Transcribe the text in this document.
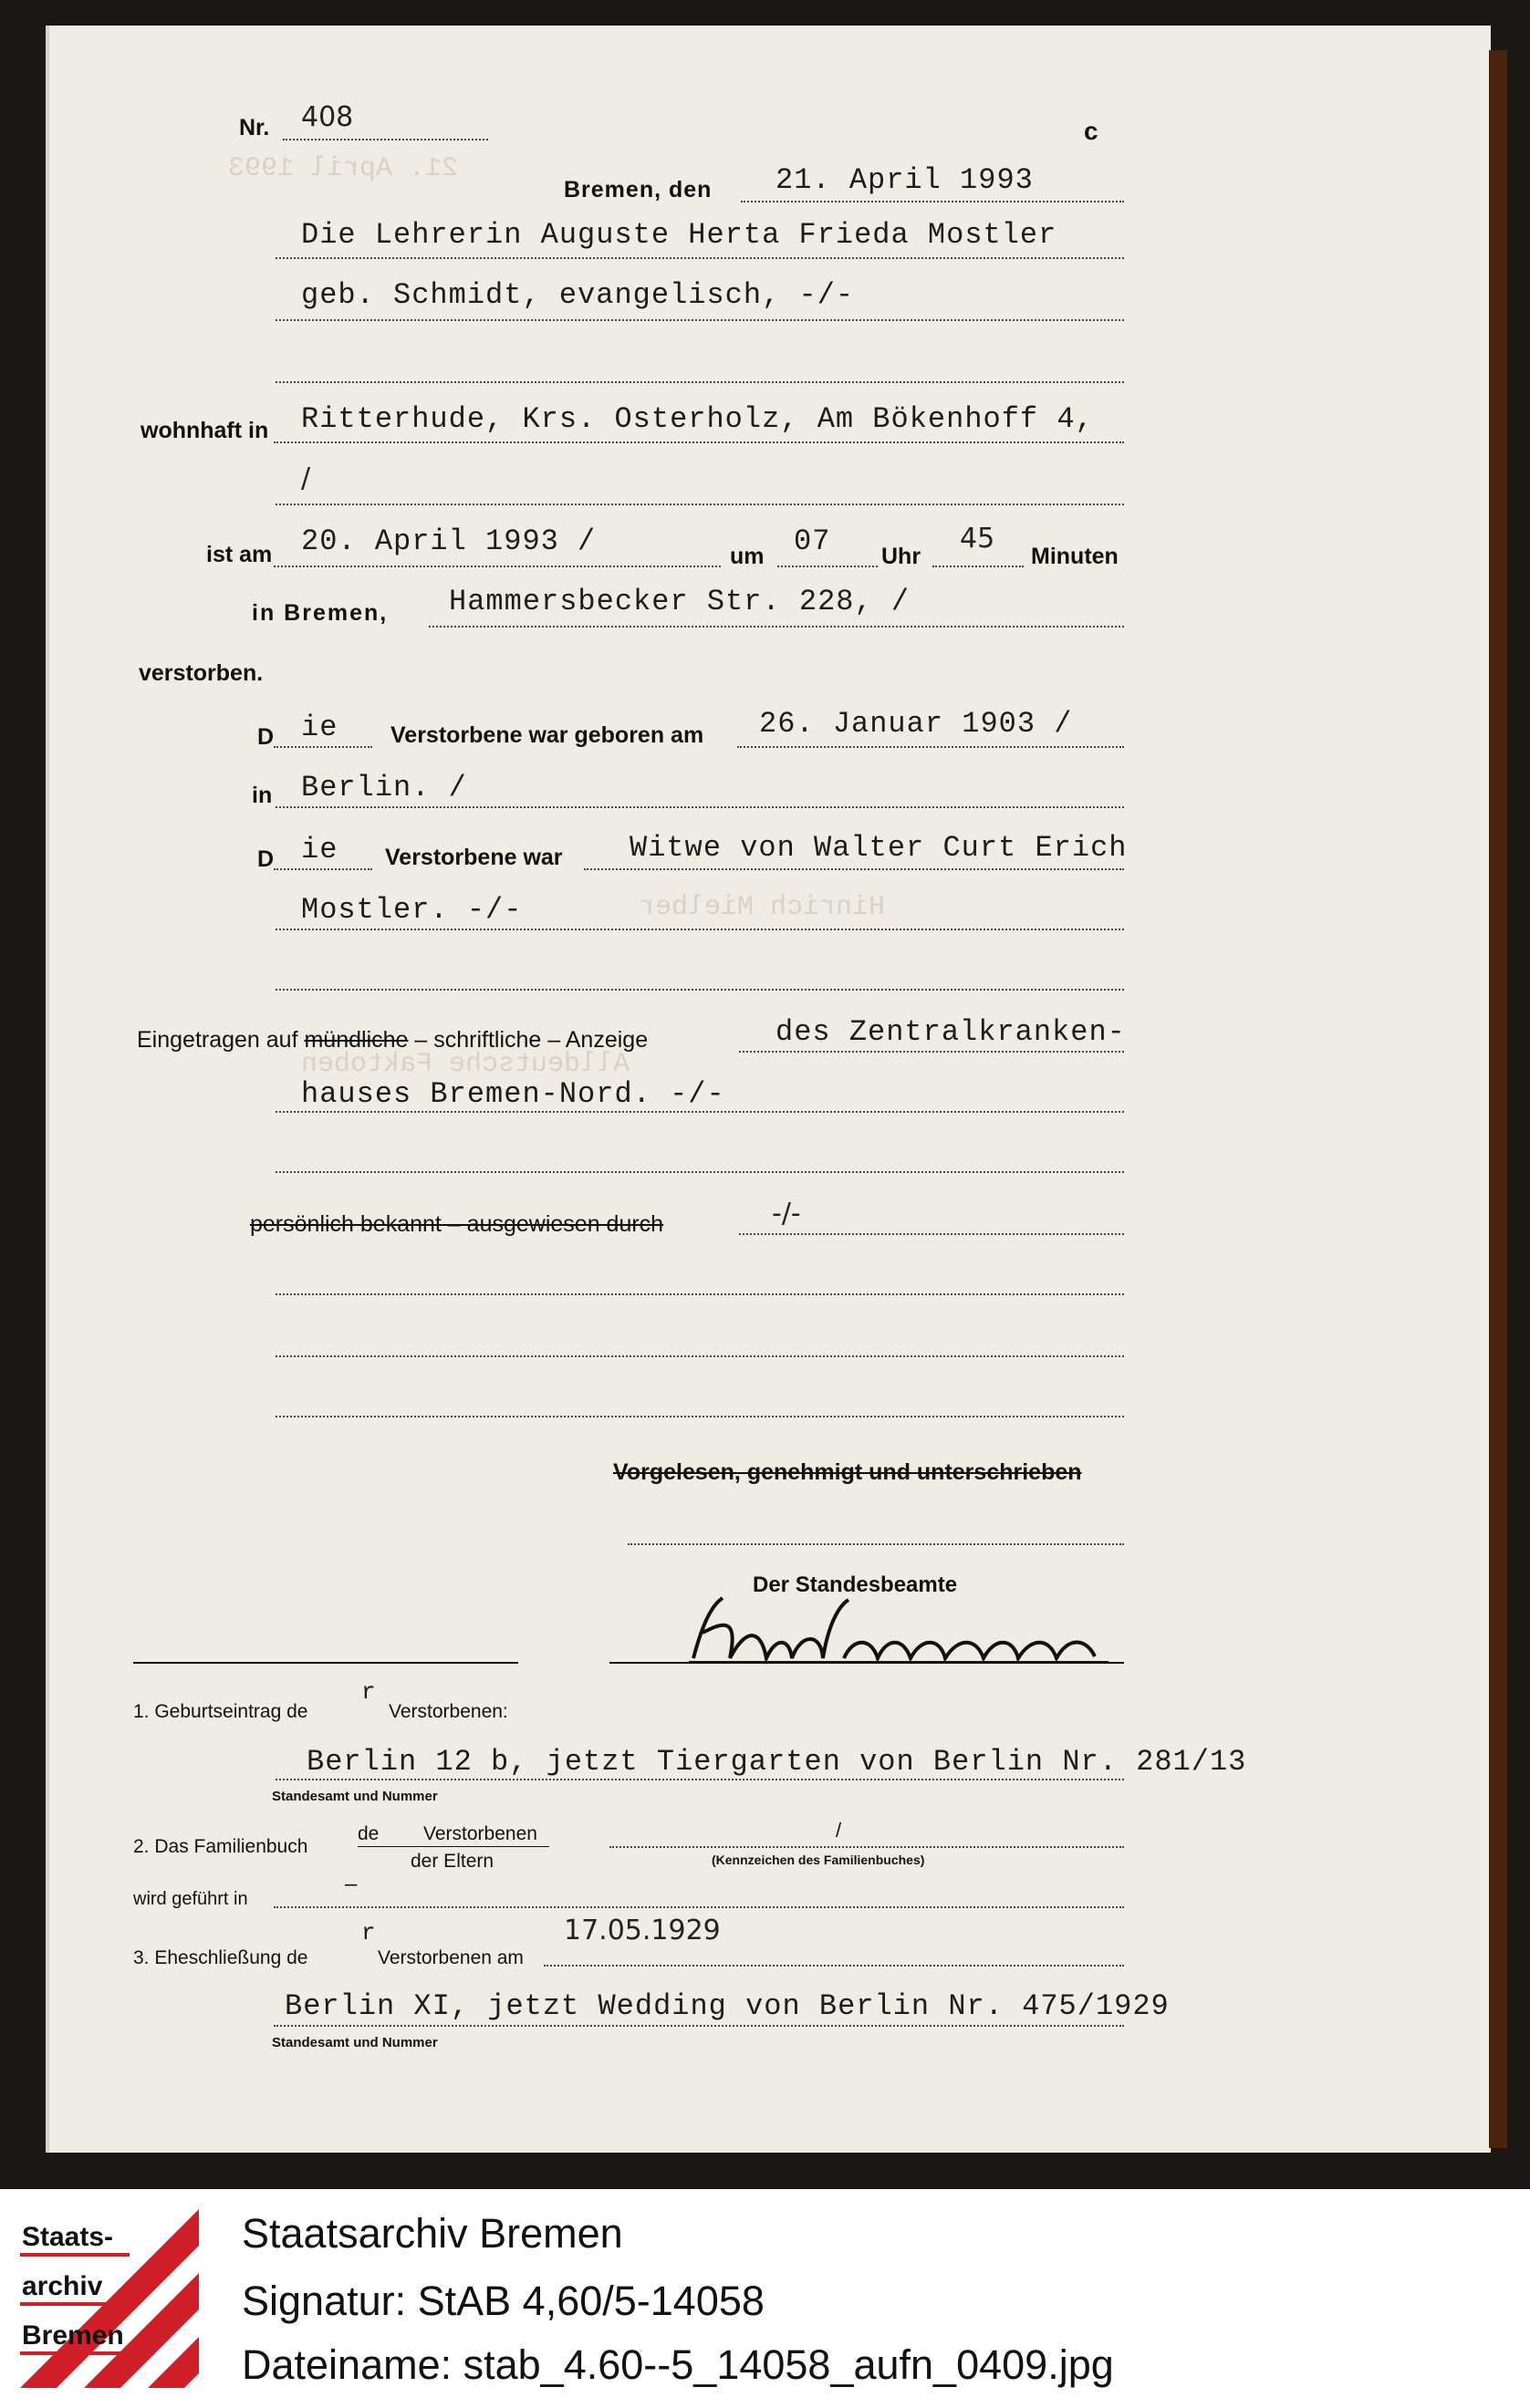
21. April 1993
Hinrich Mielber
Alldeutsche Faktoben
Nr. 408	c
Bremen, den 21. April 1993
Die Lehrerin Auguste Herta Frieda Mostler
geb. Schmidt, evangelisch, -/-
wohnhaft in Ritterhude, Krs. Osterholz, Am Bökenhoff 4,
/
ist am 20. April 1993 /	um 07 Uhr
45
Minuten
in Bremen, Hammersbecker Str. 228, /
verstorben.
D ie Verstorbene war geboren am 26. Januar 1903 /
in Berlin. /
D ie Verstorbene war Witwe von Walter Curt Erich
Mostler. -/-
Eingetragen auf mündliche – schriftliche – Anzeige	des Zentralkranken-
hauses Bremen-Nord. -/-
persönlich bekannt – ausgewiesen durch	-/-
Vorgelesen, genehmigt und unterschrieben
Der Standesbeamte
1. Geburtseintrag de
r
Verstorbenen:
Berlin 12 b, jetzt Tiergarten von Berlin Nr. 281/13
Standesamt und Nummer
2. Das Familienbuch
de Verstorbenen
der Eltern
/
(Kennzeichen des Familienbuches)
wird geführt in
–
3. Eheschließung de
r
Verstorbenen am
17.05.1929
Berlin XI, jetzt Wedding von Berlin Nr. 475/1929
Standesamt und Nummer
Staats-
archiv
Bremen
Staatsarchiv Bremen
Signatur: StAB 4,60/5-14058
Dateiname: stab_4.60--5_14058_aufn_0409.jpg
